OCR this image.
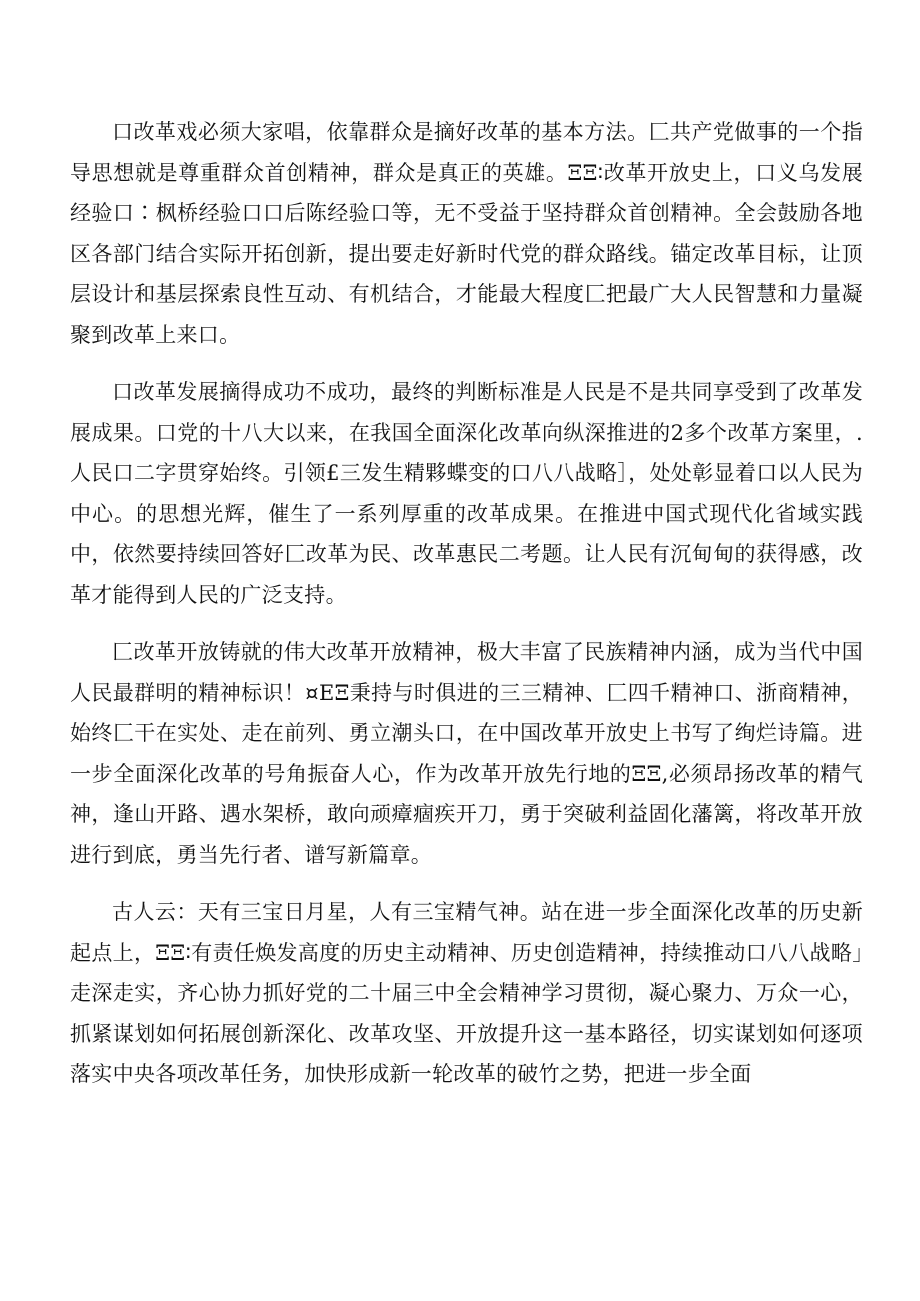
口改革戏必须大家唱，依靠群众是摘好改革的基本方法。匚共产党做事的一个指导思想就是尊重群众首创精神，群众是真正的英雄。ΞΞ∶改革开放史上，口义乌发展经验口∶枫桥经验口口后陈经验口等，无不受益于坚持群众首创精神。全会鼓励各地区各部门结合实际开拓创新，提出要走好新时代党的群众路线。锚定改革目标，让顶层设计和基层探索良性互动、有机结合，才能最大程度匚把最广大人民智慧和力量凝聚到改革上来口。

口改革发展摘得成功不成功，最终的判断标准是人民是不是共同享受到了改革发展成果。口党的十八大以来，在我国全面深化改革向纵深推进的2多个改革方案里，.人民口二字贯穿始终。引领£三发生精夥蝶变的口八八战略］，处处彰显着口以人民为中心。的思想光辉，催生了一系列厚重的改革成果。在推进中国式现代化省域实践中，依然要持续回答好匚改革为民、改革惠民二考题。让人民有沉甸甸的获得感，改革才能得到人民的广泛支持。

匚改革开放铸就的伟大改革开放精神，极大丰富了民族精神内涵，成为当代中国人民最群明的精神标识！¤EΞ秉持与时俱进的三三精神、匚四千精神口、浙商精神，始终匚干在实处、走在前列、勇立潮头口，在中国改革开放史上书写了绚烂诗篇。进一步全面深化改革的号角振奋人心，作为改革开放先行地的ΞΞ,必须昂扬改革的精气神，逢山开路、遇水架桥，敢向顽瘴痼疾开刀，勇于突破利益固化藩篱，将改革开放进行到底，勇当先行者、谱写新篇章。

古人云：天有三宝日月星，人有三宝精气神。站在进一步全面深化改革的历史新起点上，ΞΞ∶有责任焕发高度的历史主动精神、历史创造精神，持续推动口八八战略」走深走实，齐心协力抓好党的二十届三中全会精神学习贯彻，凝心聚力、万众一心，抓紧谋划如何拓展创新深化、改革攻坚、开放提升这一基本路径，切实谋划如何逐项落实中央各项改革任务，加快形成新一轮改革的破竹之势，把进一步全面
